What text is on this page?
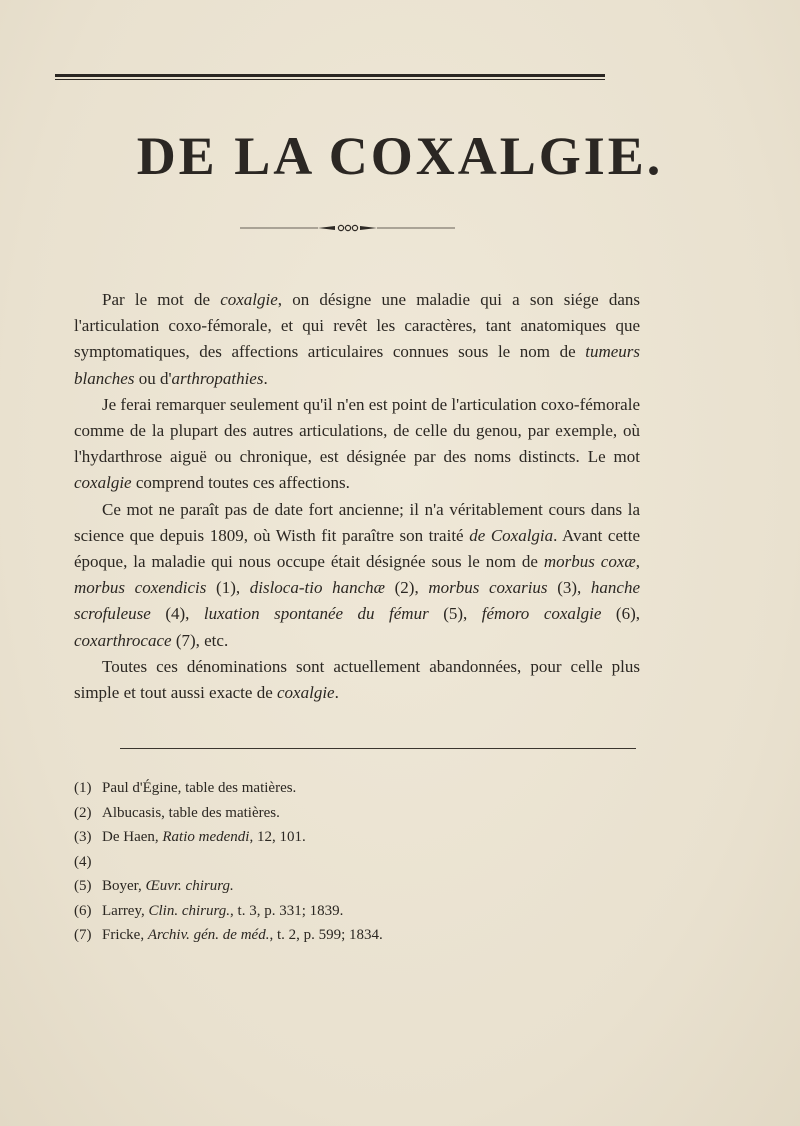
DE LA COXALGIE.

Par le mot de coxalgie, on désigne une maladie qui a son siége dans l'articulation coxo-fémorale, et qui revêt les caractères, tant anatomiques que symptomatiques, des affections articulaires connues sous le nom de tumeurs blanches ou d'arthropathies.

Je ferai remarquer seulement qu'il n'en est point de l'articulation coxo-fémorale comme de la plupart des autres articulations, de celle du genou, par exemple, où l'hydarthrose aiguë ou chronique, est désignée par des noms distincts. Le mot coxalgie comprend toutes ces affections.

Ce mot ne paraît pas de date fort ancienne; il n'a véritablement cours dans la science que depuis 1809, où Wisth fit paraître son traité de Coxalgia. Avant cette époque, la maladie qui nous occupe était désignée sous le nom de morbus coxæ, morbus coxendicis (1), disloca-tio hanchæ (2), morbus coxarius (3), hanche scrofuleuse (4), luxation spontanée du fémur (5), fémoro coxalgie (6), coxarthrocace (7), etc.

Toutes ces dénominations sont actuellement abandonnées, pour celle plus simple et tout aussi exacte de coxalgie.

(1) Paul d'Égine, table des matières.
(2) Albucasis, table des matières.
(3) De Haen, Ratio medendi, 12, 101.
(4)
(5) Boyer, Œuvr. chirurg.
(6) Larrey, Clin. chirurg., t. 3, p. 331; 1839.
(7) Fricke, Archiv. gén. de méd., t. 2, p. 599; 1834.
